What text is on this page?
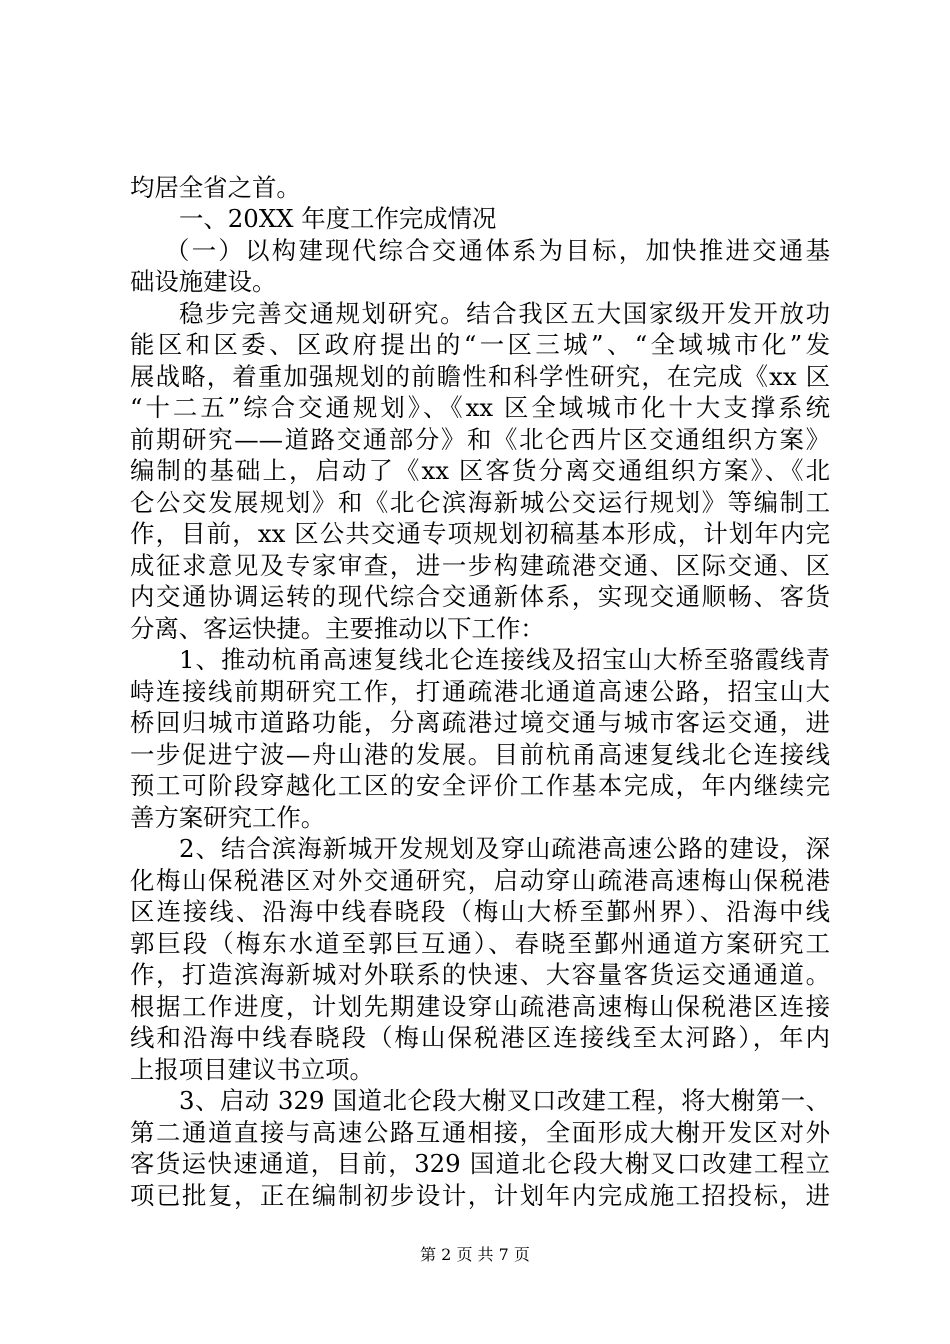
均居全省之首。
一、20XX 年度工作完成情况
（一）以构建现代综合交通体系为目标，加快推进交通基
础设施建设。
稳步完善交通规划研究。结合我区五大国家级开发开放功
能区和区委、区政府提出的“一区三城”、“全域城市化”发
展战略，着重加强规划的前瞻性和科学性研究，在完成《xx 区
“十二五”综合交通规划》、《xx 区全域城市化十大支撑系统
前期研究——道路交通部分》和《北仑西片区交通组织方案》
编制的基础上，启动了《xx 区客货分离交通组织方案》、《北
仑公交发展规划》和《北仑滨海新城公交运行规划》等编制工
作，目前，xx 区公共交通专项规划初稿基本形成，计划年内完
成征求意见及专家审查，进一步构建疏港交通、区际交通、区
内交通协调运转的现代综合交通新体系，实现交通顺畅、客货
分离、客运快捷。主要推动以下工作：
1、推动杭甬高速复线北仑连接线及招宝山大桥至骆霞线青
峙连接线前期研究工作，打通疏港北通道高速公路，招宝山大
桥回归城市道路功能，分离疏港过境交通与城市客运交通，进
一步促进宁波—舟山港的发展。目前杭甬高速复线北仑连接线
预工可阶段穿越化工区的安全评价工作基本完成，年内继续完
善方案研究工作。
2、结合滨海新城开发规划及穿山疏港高速公路的建设，深
化梅山保税港区对外交通研究，启动穿山疏港高速梅山保税港
区连接线、沿海中线春晓段（梅山大桥至鄞州界）、沿海中线
郭巨段（梅东水道至郭巨互通）、春晓至鄞州通道方案研究工
作，打造滨海新城对外联系的快速、大容量客货运交通通道。
根据工作进度，计划先期建设穿山疏港高速梅山保税港区连接
线和沿海中线春晓段（梅山保税港区连接线至太河路），年内
上报项目建议书立项。
3、启动 329 国道北仑段大榭叉口改建工程，将大榭第一、
第二通道直接与高速公路互通相接，全面形成大榭开发区对外
客货运快速通道，目前，329 国道北仑段大榭叉口改建工程立
项已批复，正在编制初步设计，计划年内完成施工招投标，进
第 2 页 共 7 页
